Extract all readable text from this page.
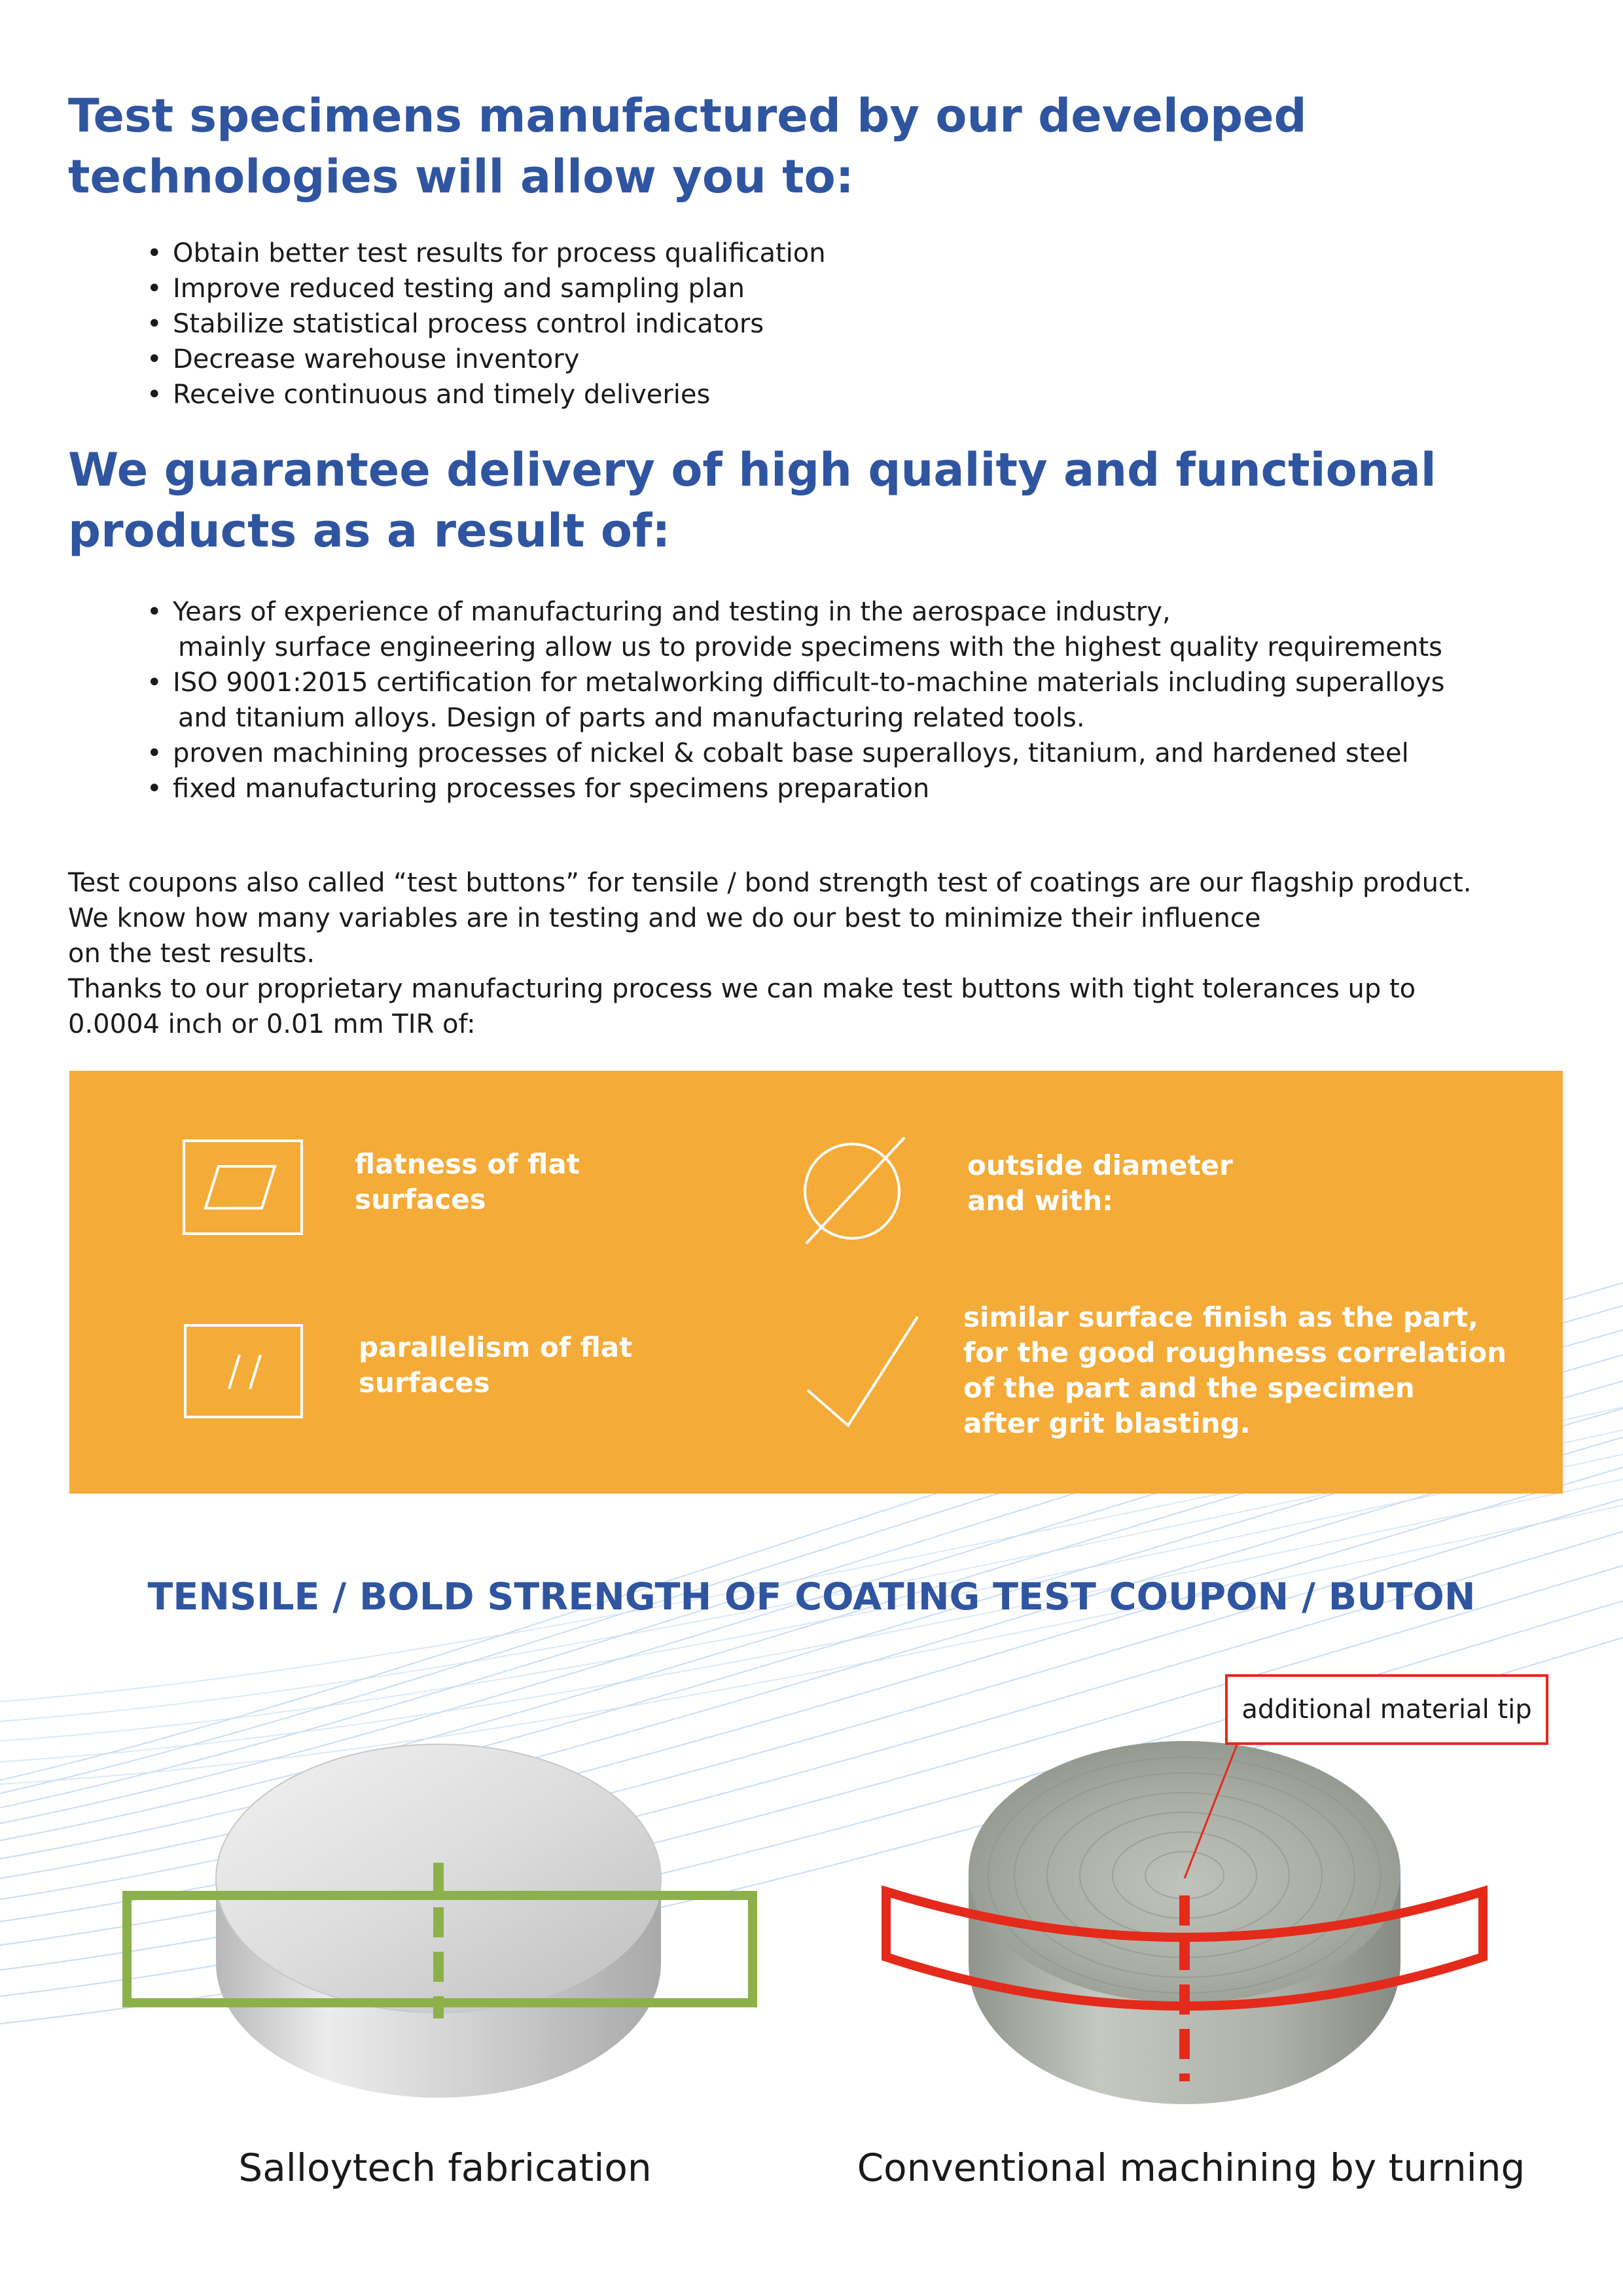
Test specimens manufactured by our developed
technologies will allow you to:
• Obtain better test results for process qualification
• Improve reduced testing and sampling plan
• Stabilize statistical process control indicators
• Decrease warehouse inventory
• Receive continuous and timely deliveries
We guarantee delivery of high quality and functional
products as a result of:
• Years of experience of manufacturing and testing in the aerospace industry,
mainly surface engineering allow us to provide specimens with the highest quality requirements
• ISO 9001:2015 certification for metalworking difficult-to-machine materials including superalloys
and titanium alloys. Design of parts and manufacturing related tools.
• proven machining processes of nickel & cobalt base superalloys, titanium, and hardened steel
• fixed manufacturing processes for specimens preparation

Test coupons also called “test buttons” for tensile / bond strength test of coatings are our flagship product.
We know how many variables are in testing and we do our best to minimize their influence
on the test results.
Thanks to our proprietary manufacturing process we can make test buttons with tight tolerances up to
0.0004 inch or 0.01 mm TIR of:

flatness of flat
surfaces

outside diameter
and with:

parallelism of flat
surfaces

similar surface finish as the part,
for the good roughness correlation
of the part and the specimen
after grit blasting.

TENSILE / BOLD STRENGTH OF COATING TEST COUPON / BUTON
additional material tip

Salloytech fabrication	Conventional machining by turning
